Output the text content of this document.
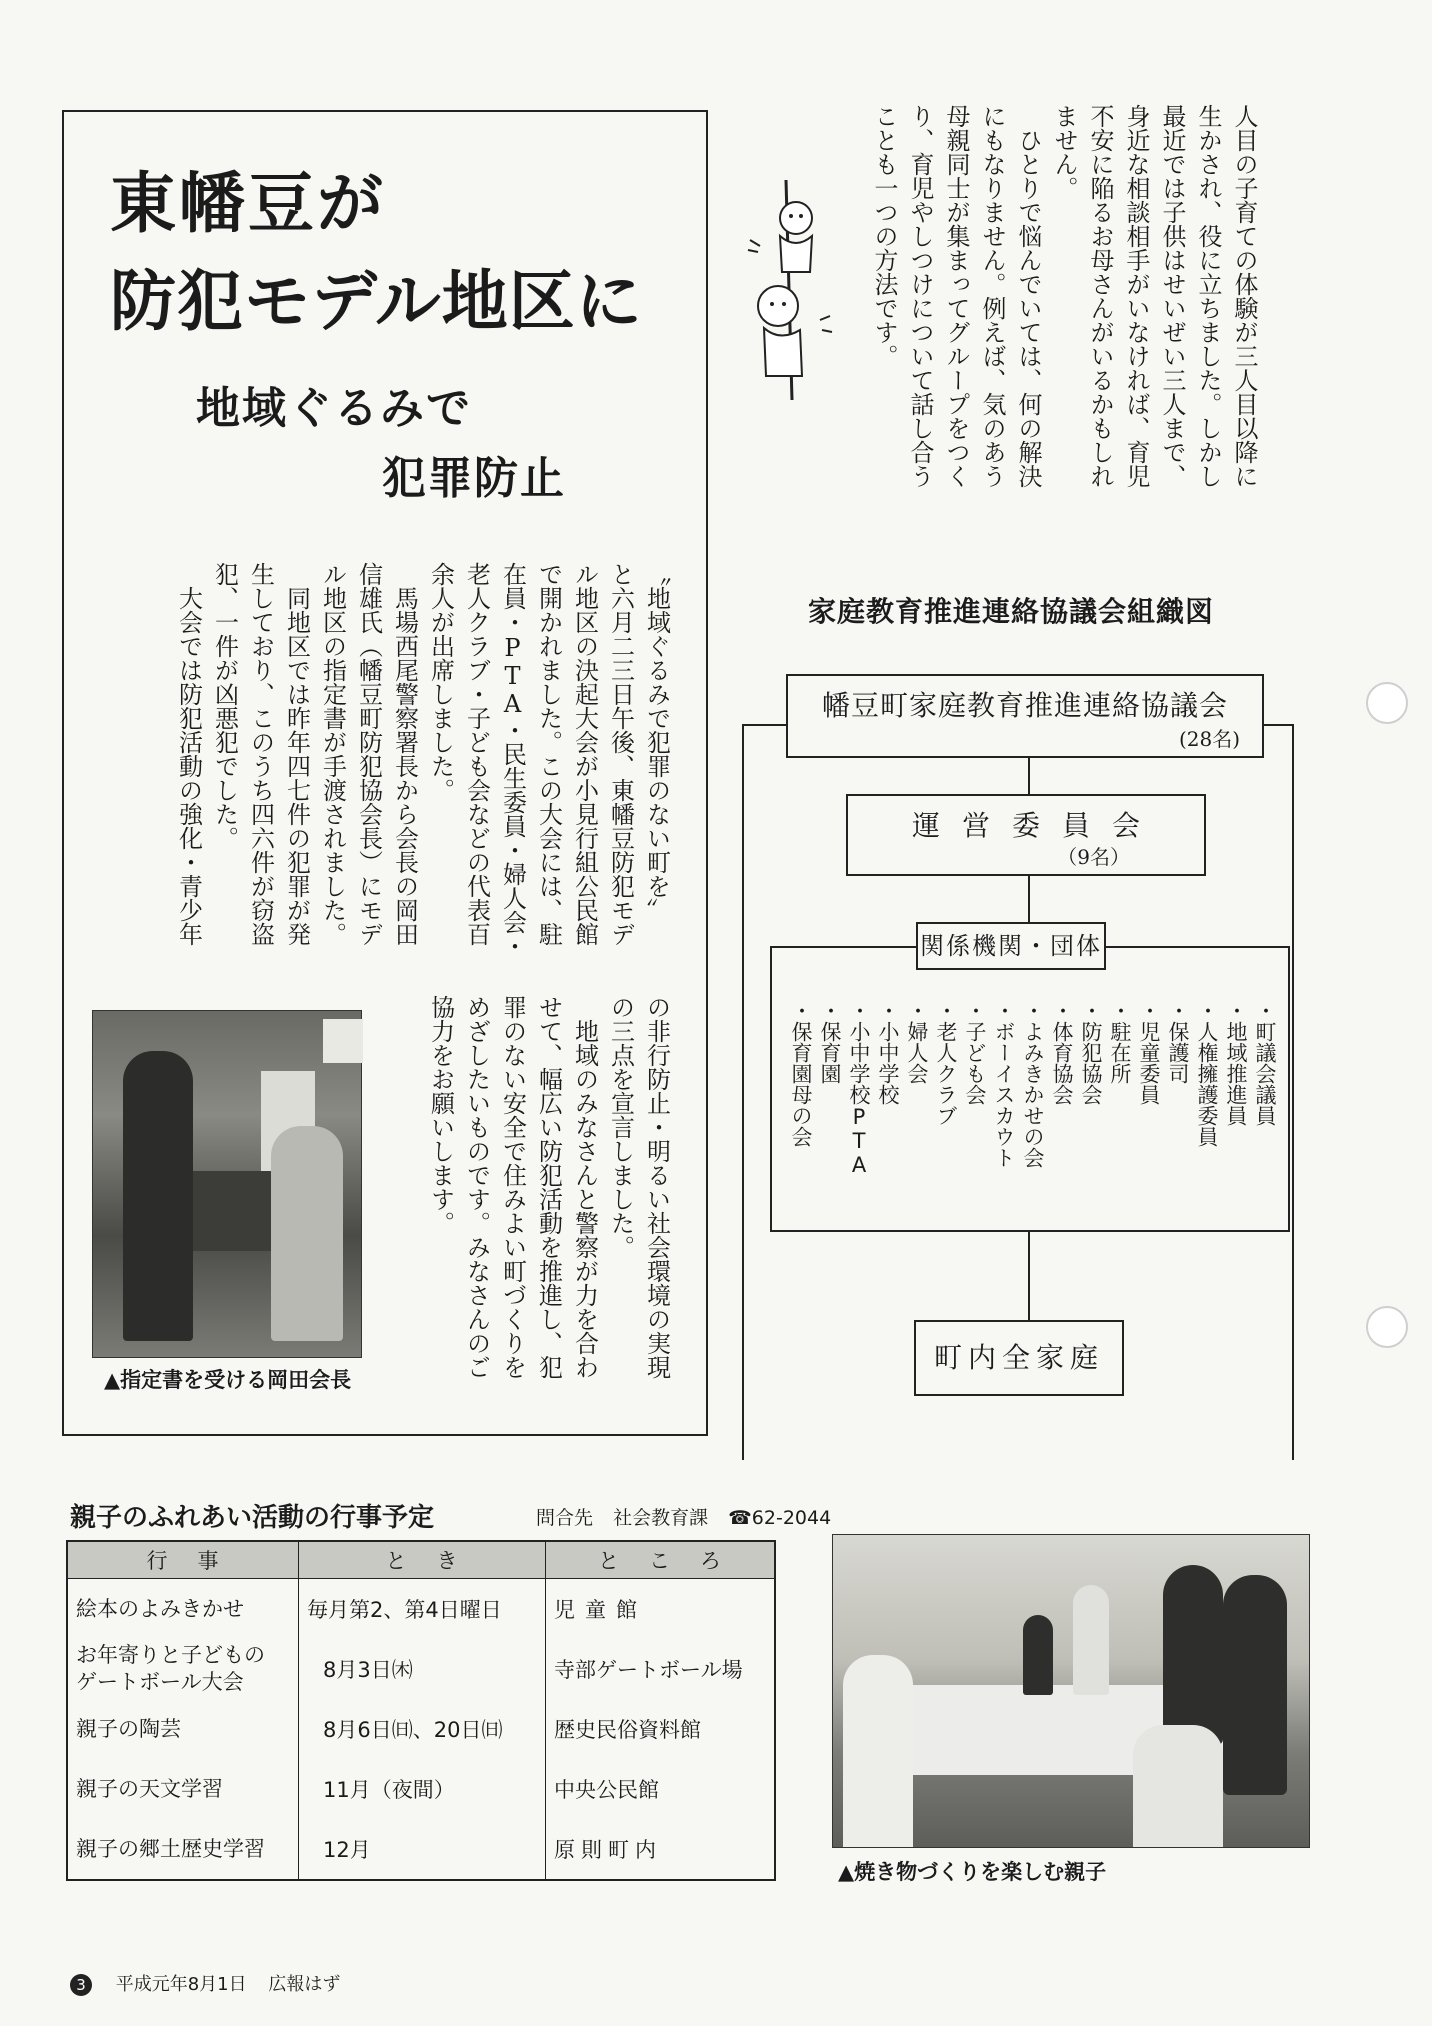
東幡豆が
防犯モデル地区に
地域ぐるみで
犯罪防止
〝地域ぐるみで犯罪のない町を〟
と六月二三日午後、東幡豆防犯モデ
ル地区の決起大会が小見行組公民館
で開かれました。この大会には、駐
在員・PTA・民生委員・婦人会・
老人クラブ・子ども会などの代表百
余人が出席しました。
　馬場西尾警察署長から会長の岡田
信雄氏（幡豆町防犯協会長）にモデ
ル地区の指定書が手渡されました。
　同地区では昨年四七件の犯罪が発
生しており、このうち四六件が窃盗
犯、一件が凶悪犯でした。
　大会では防犯活動の強化・青少年
の非行防止・明るい社会環境の実現
の三点を宣言しました。
　地域のみなさんと警察が力を合わ
せて、幅広い防犯活動を推進し、犯
罪のない安全で住みよい町づくりを
めざしたいものです。みなさんのご
協力をお願いします。
▲指定書を受ける岡田会長
人目の子育ての体験が三人目以降に
生かされ、役に立ちました。しかし
最近では子供はせいぜい三人まで、
身近な相談相手がいなければ、育児
不安に陥るお母さんがいるかもしれ
ません。
　ひとりで悩んでいては、何の解決
にもなりません。例えば、気のあう
母親同士が集まってグループをつく
り、育児やしつけについて話し合う
ことも一つの方法です。
家庭教育推進連絡協議会組織図
幡豆町家庭教育推進連絡協議会
(28名)
運営委員会
（9名）
関係機関・団体
・町議会議員
・地域推進員
・人権擁護委員
・保護司
・児童委員
・駐在所
・防犯協会
・体育協会
・よみきかせの会
・ボーイスカウト
・子ども会
・老人クラブ
・婦人会
・小中学校
・小中学校PTA
・保育園
・保育園母の会
町内全家庭
親子のふれあい活動の行事予定	問合先 社会教育課 ☎62-2044
行事	とき	ところ
絵本のよみきかせ	毎月第2、第4日曜日	児童館
お年寄りと子どもの
ゲートボール大会	8月3日㈭	寺部ゲートボール場
親子の陶芸	8月6日㈰、20日㈰	歴史民俗資料館
親子の天文学習	11月（夜間）	中央公民館
親子の郷土歴史学習	12月	原則町内
▲焼き物づくりを楽しむ親子
3 平成元年8月1日 広報はず
